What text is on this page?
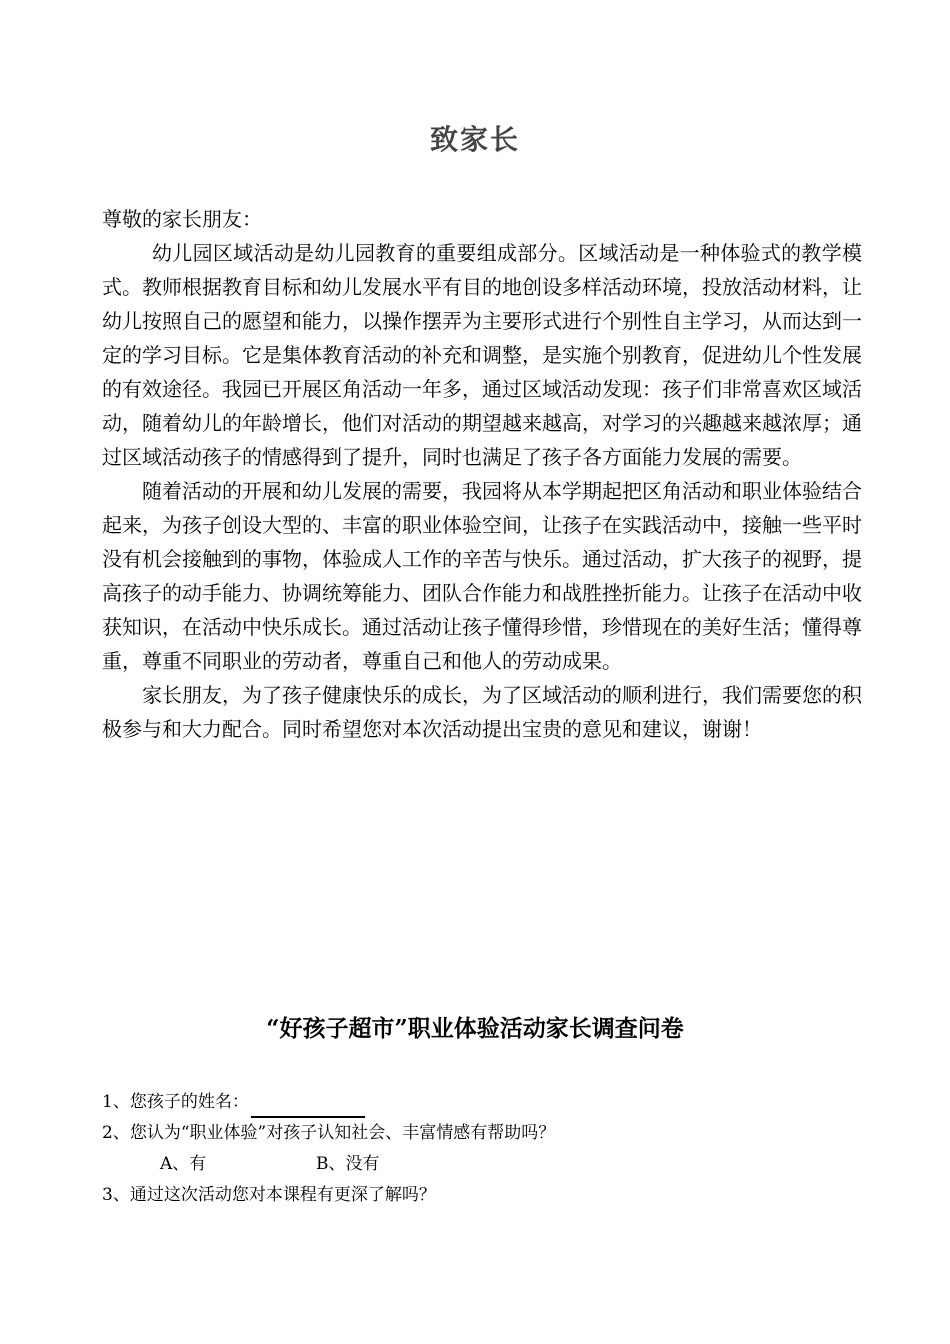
致家长

尊敬的家长朋友：

幼儿园区域活动是幼儿园教育的重要组成部分。区域活动是一种体验式的教学模式。教师根据教育目标和幼儿发展水平有目的地创设多样活动环境，投放活动材料，让幼儿按照自己的愿望和能力，以操作摆弄为主要形式进行个别性自主学习，从而达到一定的学习目标。它是集体教育活动的补充和调整，是实施个别教育，促进幼儿个性发展的有效途径。我园已开展区角活动一年多，通过区域活动发现：孩子们非常喜欢区域活动，随着幼儿的年龄增长，他们对活动的期望越来越高，对学习的兴趣越来越浓厚；通过区域活动孩子的情感得到了提升，同时也满足了孩子各方面能力发展的需要。

随着活动的开展和幼儿发展的需要，我园将从本学期起把区角活动和职业体验结合起来，为孩子创设大型的、丰富的职业体验空间，让孩子在实践活动中，接触一些平时没有机会接触到的事物，体验成人工作的辛苦与快乐。通过活动，扩大孩子的视野，提高孩子的动手能力、协调统筹能力、团队合作能力和战胜挫折能力。让孩子在活动中收获知识，在活动中快乐成长。通过活动让孩子懂得珍惜，珍惜现在的美好生活；懂得尊重，尊重不同职业的劳动者，尊重自己和他人的劳动成果。

家长朋友，为了孩子健康快乐的成长，为了区域活动的顺利进行，我们需要您的积极参与和大力配合。同时希望您对本次活动提出宝贵的意见和建议，谢谢！

“好孩子超市”职业体验活动家长调查问卷
1、您孩子的姓名：
2、您认为“职业体验”对孩子认知社会、丰富情感有帮助吗？
A、有	B、没有
3、通过这次活动您对本课程有更深了解吗？
